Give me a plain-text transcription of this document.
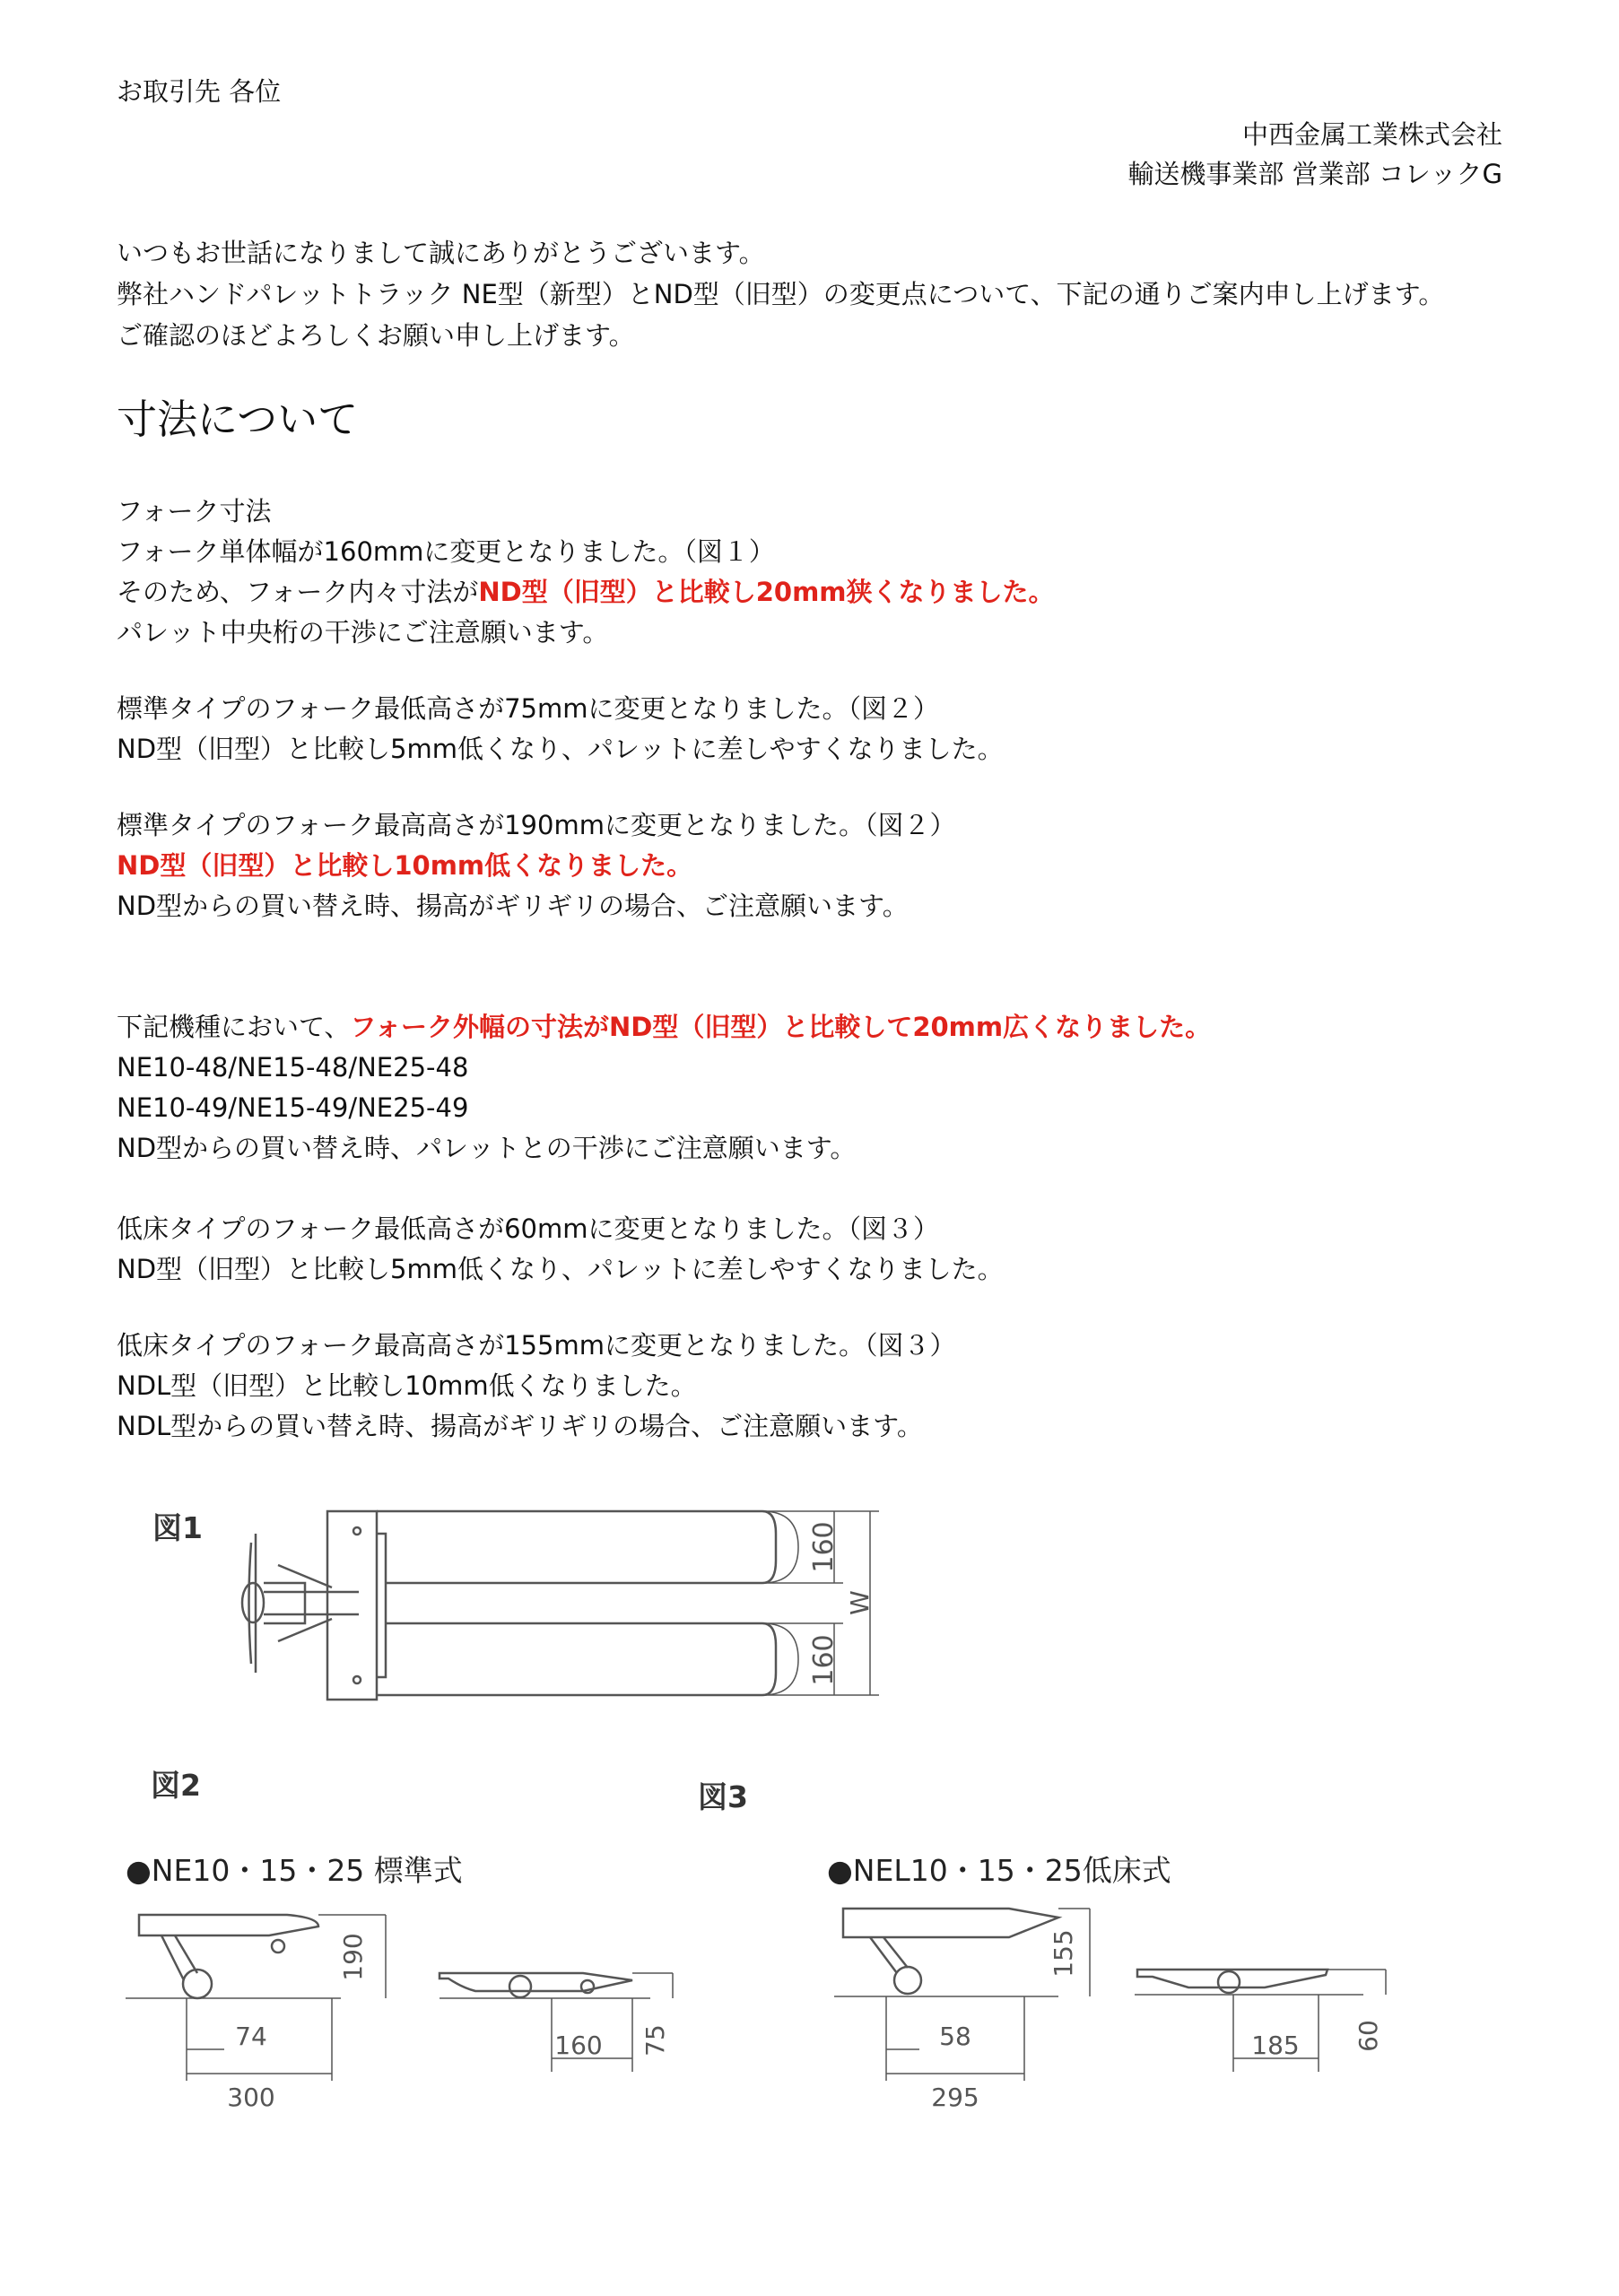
お取引先 各位
中西金属工業株式会社
輸送機事業部 営業部 コレックG
いつもお世話になりまして誠にありがとうございます。
弊社ハンドパレットトラック NE型（新型）とND型（旧型）の変更点について、下記の通りご案内申し上げます。
ご確認のほどよろしくお願い申し上げます。
寸法について
フォーク寸法
フォーク単体幅が160mmに変更となりました。（図１）
そのため、フォーク内々寸法がND型（旧型）と比較し20mm狭くなりました。
パレット中央桁の干渉にご注意願います。
標準タイプのフォーク最低高さが75mmに変更となりました。（図２）
ND型（旧型）と比較し5mm低くなり、パレットに差しやすくなりました。
標準タイプのフォーク最高高さが190mmに変更となりました。（図２）
ND型（旧型）と比較し10mm低くなりました。
ND型からの買い替え時、揚高がギリギリの場合、ご注意願います。
下記機種において、フォーク外幅の寸法がND型（旧型）と比較して20mm広くなりました。
NE10-48/NE15-48/NE25-48
NE10-49/NE15-49/NE25-49
ND型からの買い替え時、パレットとの干渉にご注意願います。
低床タイプのフォーク最低高さが60mmに変更となりました。（図３）
ND型（旧型）と比較し5mm低くなり、パレットに差しやすくなりました。
低床タイプのフォーク最高高さが155mmに変更となりました。（図３）
NDL型（旧型）と比較し10mm低くなりました。
NDL型からの買い替え時、揚高がギリギリの場合、ご注意願います。
図1
図2	図3
●NE10・15・25 標準式	●NEL10・15・25低床式
160
160
W
190
74
300
160 75
155
58
295
185 60
